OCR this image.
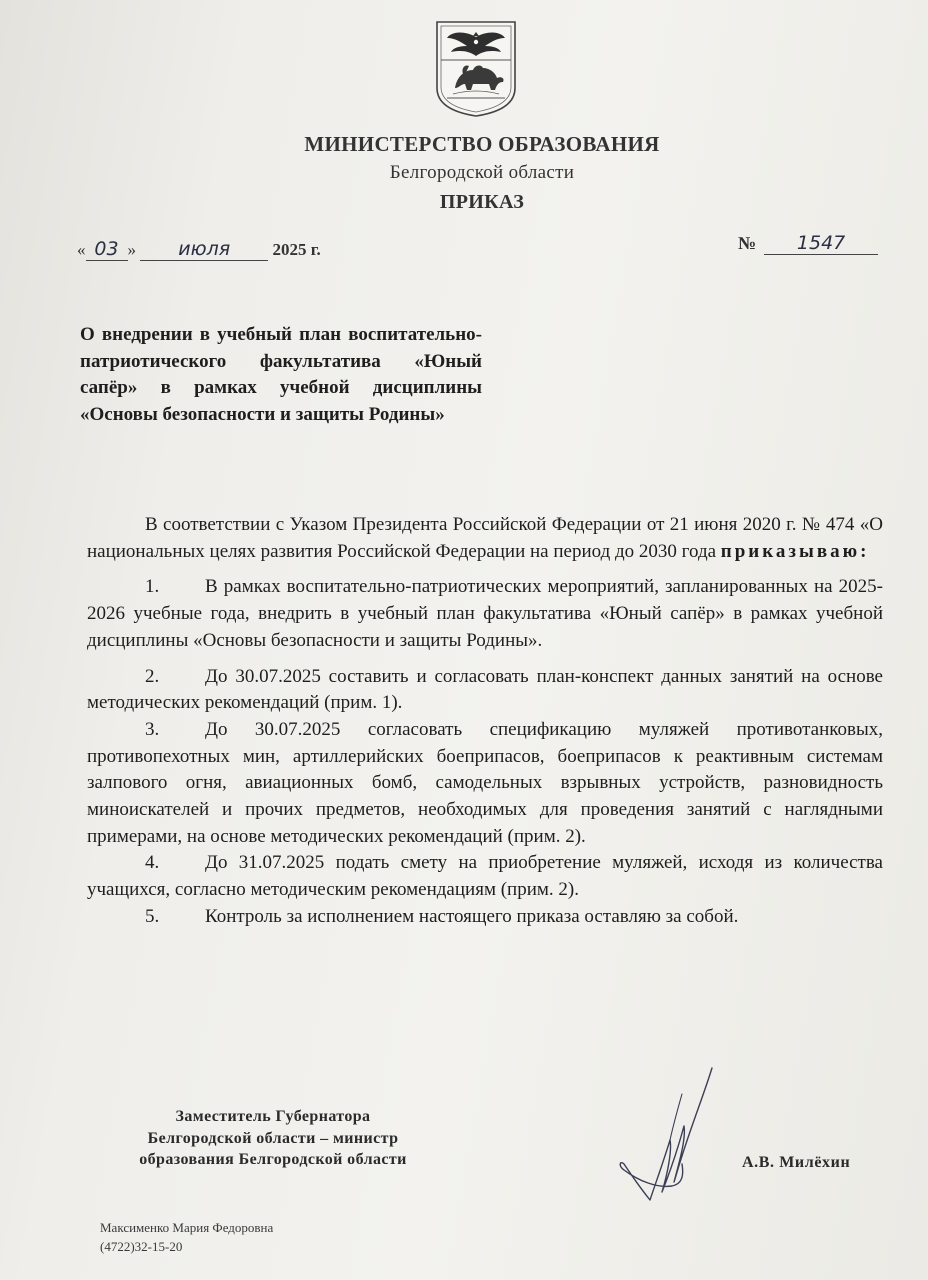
МИНИСТЕРСТВО ОБРАЗОВАНИЯ
Белгородской области
ПРИКАЗ
« 03 » июля 2025 г.	№ 1547
О внедрении в учебный план воспитательно-патриотического факультатива «Юный сапёр» в рамках учебной дисциплины «Основы безопасности и защиты Родины»

В соответствии с Указом Президента Российской Федерации от 21 июня 2020 г. № 474 «О национальных целях развития Российской Федерации на период до 2030 года приказываю:

1. В рамках воспитательно-патриотических мероприятий, запланированных на 2025-2026 учебные года, внедрить в учебный план факультатива «Юный сапёр» в рамках учебной дисциплины «Основы безопасности и защиты Родины».

2. До 30.07.2025 составить и согласовать план-конспект данных занятий на основе методических рекомендаций (прим. 1).

3. До 30.07.2025 согласовать спецификацию муляжей противотанковых, противопехотных мин, артиллерийских боеприпасов, боеприпасов к реактивным системам залпового огня, авиационных бомб, самодельных взрывных устройств, разновидность миноискателей и прочих предметов, необходимых для проведения занятий с наглядными примерами, на основе методических рекомендаций (прим. 2).

4. До 31.07.2025 подать смету на приобретение муляжей, исходя из количества учащихся, согласно методическим рекомендациям (прим. 2).

5. Контроль за исполнением настоящего приказа оставляю за собой.

Заместитель Губернатора
Белгородской области – министр
образования Белгородской области	А.В. Милёхин
Максименко Мария Федоровна
(4722)32-15-20
